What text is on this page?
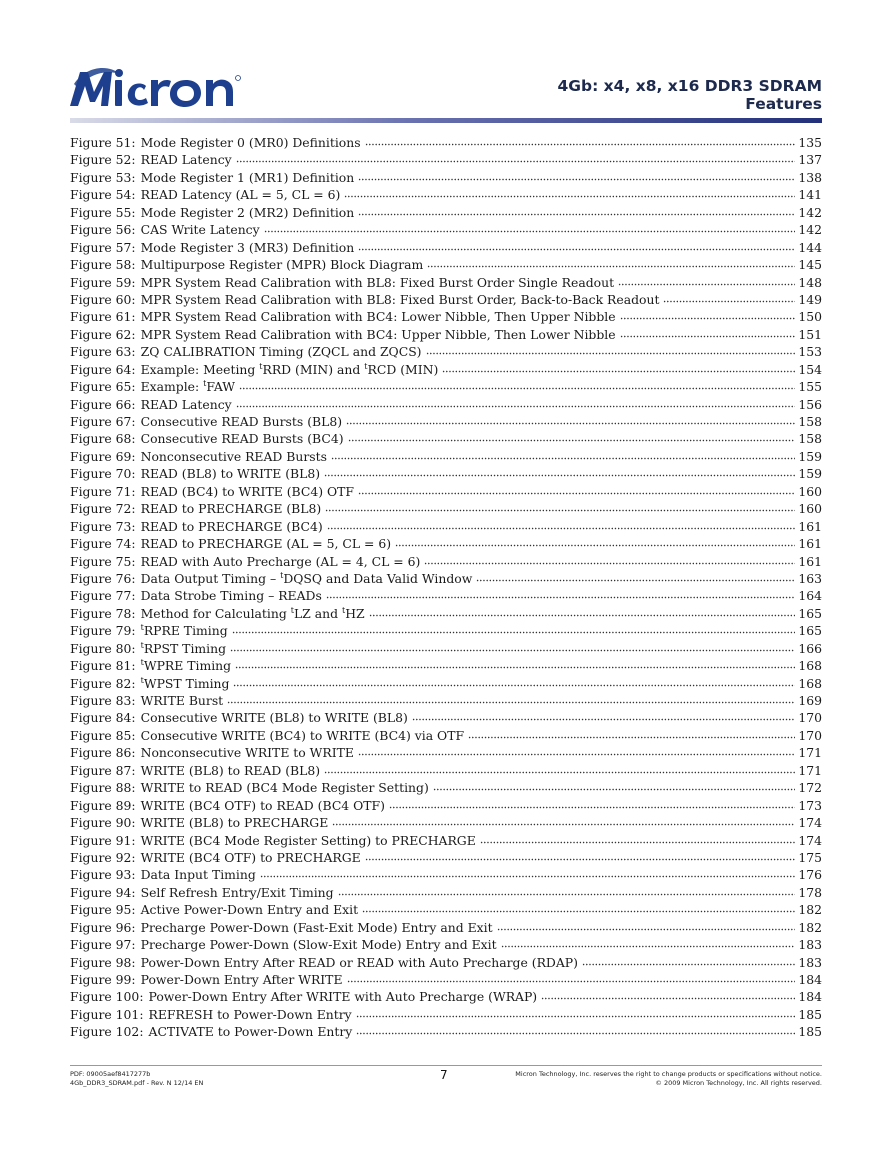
4Gb: x4, x8, x16 DDR3 SDRAM
Features
Figure 51: Mode Register 0 (MR0) Definitions	135
Figure 52: READ Latency	137
Figure 53: Mode Register 1 (MR1) Definition	138
Figure 54: READ Latency (AL = 5, CL = 6)	141
Figure 55: Mode Register 2 (MR2) Definition	142
Figure 56: CAS Write Latency	142
Figure 57: Mode Register 3 (MR3) Definition	144
Figure 58: Multipurpose Register (MPR) Block Diagram	145
Figure 59: MPR System Read Calibration with BL8: Fixed Burst Order Single Readout	148
Figure 60: MPR System Read Calibration with BL8: Fixed Burst Order, Back-to-Back Readout	149
Figure 61: MPR System Read Calibration with BC4: Lower Nibble, Then Upper Nibble	150
Figure 62: MPR System Read Calibration with BC4: Upper Nibble, Then Lower Nibble	151
Figure 63: ZQ CALIBRATION Timing (ZQCL and ZQCS)	153
Figure 64: Example: Meeting $^t$RRD (MIN) and $^t$RCD (MIN)	154
Figure 65: Example: $^t$FAW	155
Figure 66: READ Latency	156
Figure 67: Consecutive READ Bursts (BL8)	158
Figure 68: Consecutive READ Bursts (BC4)	158
Figure 69: Nonconsecutive READ Bursts	159
Figure 70: READ (BL8) to WRITE (BL8)	159
Figure 71: READ (BC4) to WRITE (BC4) OTF	160
Figure 72: READ to PRECHARGE (BL8)	160
Figure 73: READ to PRECHARGE (BC4)	161
Figure 74: READ to PRECHARGE (AL = 5, CL = 6)	161
Figure 75: READ with Auto Precharge (AL = 4, CL = 6)	161
Figure 76: Data Output Timing – $^t$DQSQ and Data Valid Window	163
Figure 77: Data Strobe Timing – READs	164
Figure 78: Method for Calculating $^t$LZ and $^t$HZ	165
Figure 79: $^t$RPRE Timing	165
Figure 80: $^t$RPST Timing	166
Figure 81: $^t$WPRE Timing	168
Figure 82: $^t$WPST Timing	168
Figure 83: WRITE Burst	169
Figure 84: Consecutive WRITE (BL8) to WRITE (BL8)	170
Figure 85: Consecutive WRITE (BC4) to WRITE (BC4) via OTF	170
Figure 86: Nonconsecutive WRITE to WRITE	171
Figure 87: WRITE (BL8) to READ (BL8)	171
Figure 88: WRITE to READ (BC4 Mode Register Setting)	172
Figure 89: WRITE (BC4 OTF) to READ (BC4 OTF)	173
Figure 90: WRITE (BL8) to PRECHARGE	174
Figure 91: WRITE (BC4 Mode Register Setting) to PRECHARGE	174
Figure 92: WRITE (BC4 OTF) to PRECHARGE	175
Figure 93: Data Input Timing	176
Figure 94: Self Refresh Entry/Exit Timing	178
Figure 95: Active Power-Down Entry and Exit	182
Figure 96: Precharge Power-Down (Fast-Exit Mode) Entry and Exit	182
Figure 97: Precharge Power-Down (Slow-Exit Mode) Entry and Exit	183
Figure 98: Power-Down Entry After READ or READ with Auto Precharge (RDAP)	183
Figure 99: Power-Down Entry After WRITE	184
Figure 100: Power-Down Entry After WRITE with Auto Precharge (WRAP)	184
Figure 101: REFRESH to Power-Down Entry	185
Figure 102: ACTIVATE to Power-Down Entry	185
PDF: 09005aef8417277b
4Gb_DDR3_SDRAM.pdf - Rev. N 12/14 EN
7	Micron Technology, Inc. reserves the right to change products or specifications without notice.
© 2009 Micron Technology, Inc. All rights reserved.
